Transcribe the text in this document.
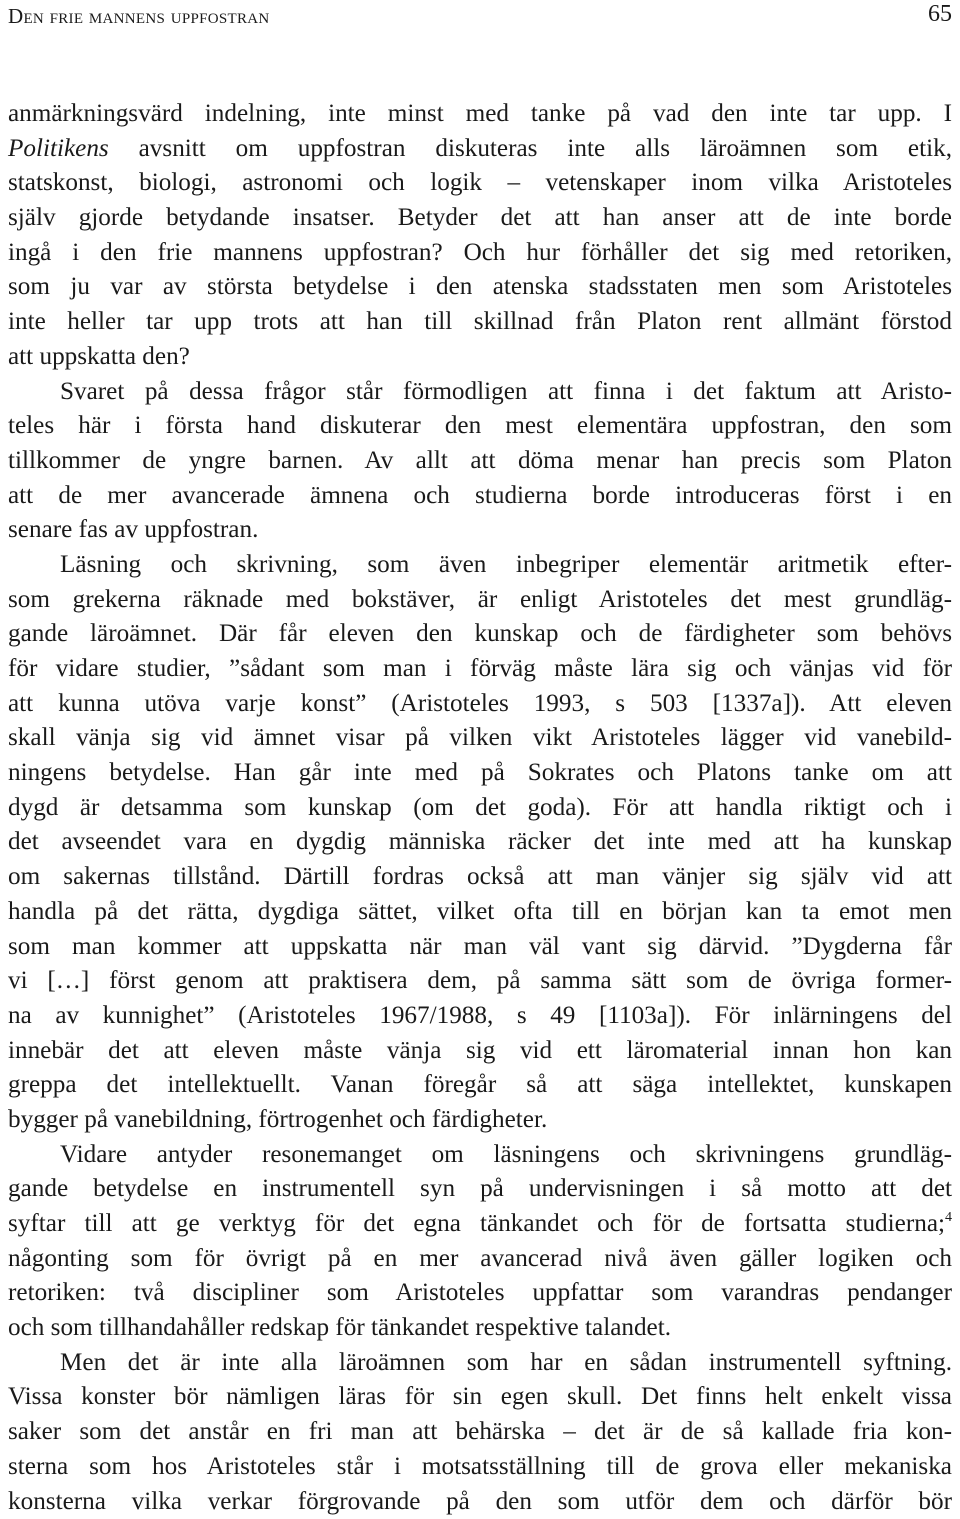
Den frie mannens uppfostran	65
anmärkningsvärd indelning, inte minst med tanke på vad den inte tar upp. I
Politikens avsnitt om uppfostran diskuteras inte alls läroämnen som etik,
statskonst, biologi, astronomi och logik – vetenskaper inom vilka Aristoteles
själv gjorde betydande insatser. Betyder det att han anser att de inte borde
ingå i den frie mannens uppfostran? Och hur förhåller det sig med retoriken,
som ju var av största betydelse i den atenska stadsstaten men som Aristoteles
inte heller tar upp trots att han till skillnad från Platon rent allmänt förstod
att uppskatta den?
Svaret på dessa frågor står förmodligen att finna i det faktum att Aristo-
teles här i första hand diskuterar den mest elementära uppfostran, den som
tillkommer de yngre barnen. Av allt att döma menar han precis som Platon
att de mer avancerade ämnena och studierna borde introduceras först i en
senare fas av uppfostran.
Läsning och skrivning, som även inbegriper elementär aritmetik efter-
som grekerna räknade med bokstäver, är enligt Aristoteles det mest grundläg-
gande läroämnet. Där får eleven den kunskap och de färdigheter som behövs
för vidare studier, ”sådant som man i förväg måste lära sig och vänjas vid för
att kunna utöva varje konst” (Aristoteles 1993, s 503 [1337a]). Att eleven
skall vänja sig vid ämnet visar på vilken vikt Aristoteles lägger vid vanebild-
ningens betydelse. Han går inte med på Sokrates och Platons tanke om att
dygd är detsamma som kunskap (om det goda). För att handla riktigt och i
det avseendet vara en dygdig människa räcker det inte med att ha kunskap
om sakernas tillstånd. Därtill fordras också att man vänjer sig själv vid att
handla på det rätta, dygdiga sättet, vilket ofta till en början kan ta emot men
som man kommer att uppskatta när man väl vant sig därvid. ”Dygderna får
vi […] först genom att praktisera dem, på samma sätt som de övriga former-
na av kunnighet” (Aristoteles 1967/1988, s 49 [1103a]). För inlärningens del
innebär det att eleven måste vänja sig vid ett läromaterial innan hon kan
greppa det intellektuellt. Vanan föregår så att säga intellektet, kunskapen
bygger på vanebildning, förtrogenhet och färdigheter.
Vidare antyder resonemanget om läsningens och skrivningens grundläg-
gande betydelse en instrumentell syn på undervisningen i så motto att det
syftar till att ge verktyg för det egna tänkandet och för de fortsatta studierna;$^4$
någonting som för övrigt på en mer avancerad nivå även gäller logiken och
retoriken: två discipliner som Aristoteles uppfattar som varandras pendanger
och som tillhandahåller redskap för tänkandet respektive talandet.
Men det är inte alla läroämnen som har en sådan instrumentell syftning.
Vissa konster bör nämligen läras för sin egen skull. Det finns helt enkelt vissa
saker som det anstår en fri man att behärska – det är de så kallade fria kon-
sterna som hos Aristoteles står i motsatsställning till de grova eller mekaniska
konsterna vilka verkar förgrovande på den som utför dem och därför bör
